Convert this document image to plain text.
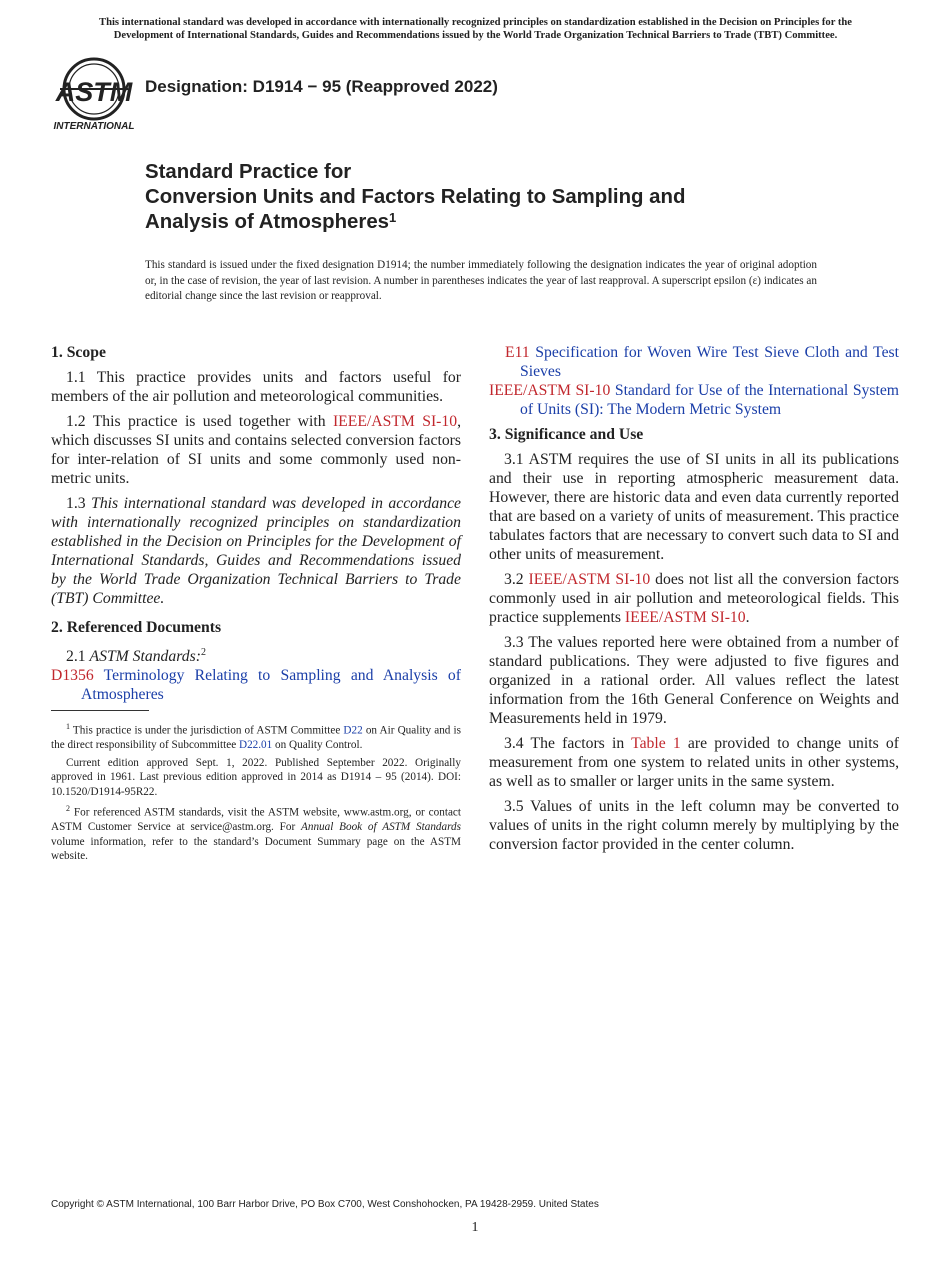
This international standard was developed in accordance with internationally recognized principles on standardization established in the Decision on Principles for the
Development of International Standards, Guides and Recommendations issued by the World Trade Organization Technical Barriers to Trade (TBT) Committee.
ASTM
INTERNATIONAL
Designation: D1914 − 95 (Reapproved 2022)
Standard Practice for
Conversion Units and Factors Relating to Sampling and
Analysis of Atmospheres$^1$
This standard is issued under the fixed designation D1914; the number immediately following the designation indicates the year of original adoption or, in the case of revision, the year of last revision. A number in parentheses indicates the year of last reapproval. A superscript epsilon (ε) indicates an editorial change since the last revision or reapproval.
1. Scope

1.1 This practice provides units and factors useful for members of the air pollution and meteorological communities.

1.2 This practice is used together with IEEE/ASTM SI-10, which discusses SI units and contains selected conversion factors for inter-relation of SI units and some commonly used non-metric units.

1.3 This international standard was developed in accordance with internationally recognized principles on standardization established in the Decision on Principles for the Development of International Standards, Guides and Recommendations issued by the World Trade Organization Technical Barriers to Trade (TBT) Committee.

2. Referenced Documents
2.1 ASTM Standards:$^2$
D1356 Terminology Relating to Sampling and Analysis of Atmospheres

$^1$ This practice is under the jurisdiction of ASTM Committee D22 on Air Quality and is the direct responsibility of Subcommittee D22.01 on Quality Control.

Current edition approved Sept. 1, 2022. Published September 2022. Originally approved in 1961. Last previous edition approved in 2014 as D1914 – 95 (2014). DOI: 10.1520/D1914-95R22.

$^2$ For referenced ASTM standards, visit the ASTM website, www.astm.org, or contact ASTM Customer Service at service@astm.org. For Annual Book of ASTM Standards volume information, refer to the standard’s Document Summary page on the ASTM website.

E11 Specification for Woven Wire Test Sieve Cloth and Test Sieves
IEEE/ASTM SI-10 Standard for Use of the International System of Units (SI): The Modern Metric System
3. Significance and Use

3.1 ASTM requires the use of SI units in all its publications and their use in reporting atmospheric measurement data. However, there are historic data and even data currently reported that are based on a variety of units of measurement. This practice tabulates factors that are necessary to convert such data to SI and other units of measurement.

3.2 IEEE/ASTM SI-10 does not list all the conversion factors commonly used in air pollution and meteorological fields. This practice supplements IEEE/ASTM SI-10.

3.3 The values reported here were obtained from a number of standard publications. They were adjusted to five figures and organized in a rational order. All values reflect the latest information from the 16th General Conference on Weights and Measurements held in 1979.

3.4 The factors in Table 1 are provided to change units of measurement from one system to related units in other systems, as well as to smaller or larger units in the same system.

3.5 Values of units in the left column may be converted to values of units in the right column merely by multiplying by the conversion factor provided in the center column.

Copyright © ASTM International, 100 Barr Harbor Drive, PO Box C700, West Conshohocken, PA 19428-2959. United States
1
